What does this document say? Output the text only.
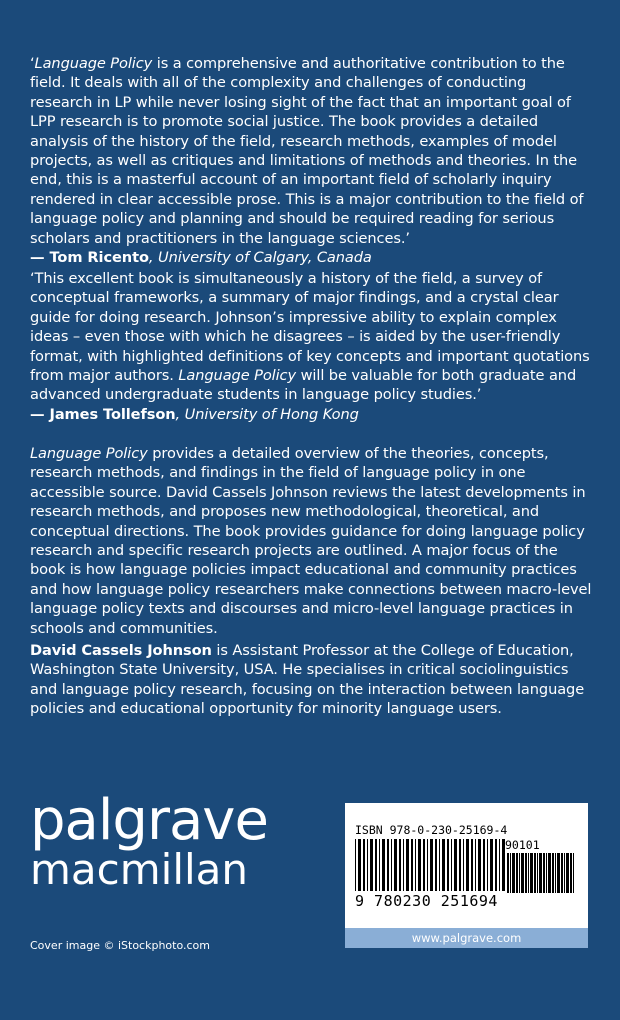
‘Language Policy is a comprehensive and authoritative contribution to the field. It deals with all of the complexity and challenges of conducting research in LP while never losing sight of the fact that an important goal of LPP research is to promote social justice. The book provides a detailed analysis of the history of the field, research methods, examples of model projects, as well as critiques and limitations of methods and theories. In the end, this is a masterful account of an important field of scholarly inquiry rendered in clear accessible prose. This is a major contribution to the field of language policy and planning and should be required reading for serious scholars and practitioners in the language sciences.’

— Tom Ricento, University of Calgary, Canada

‘This excellent book is simultaneously a history of the field, a survey of conceptual frameworks, a summary of major findings, and a crystal clear guide for doing research. Johnson’s impressive ability to explain complex ideas – even those with which he disagrees – is aided by the user-friendly format, with highlighted definitions of key concepts and important quotations from major authors. Language Policy will be valuable for both graduate and advanced undergraduate students in language policy studies.’

— James Tollefson, University of Hong Kong

Language Policy provides a detailed overview of the theories, concepts, research methods, and findings in the field of language policy in one accessible source. David Cassels Johnson reviews the latest developments in research methods, and proposes new methodological, theoretical, and conceptual directions. The book provides guidance for doing language policy research and specific research projects are outlined. A major focus of the book is how language policies impact educational and community practices and how language policy researchers make connections between macro-level language policy texts and discourses and micro-level language practices in schools and communities.

David Cassels Johnson is Assistant Professor at the College of Education, Washington State University, USA. He specialises in critical sociolinguistics and language policy research, focusing on the interaction between language policies and educational opportunity for minority language users.

palgrave
macmillan
Cover image © iStockphoto.com
ISBN 978-0-230-25169-4
90101
9 780230 251694
www.palgrave.com
